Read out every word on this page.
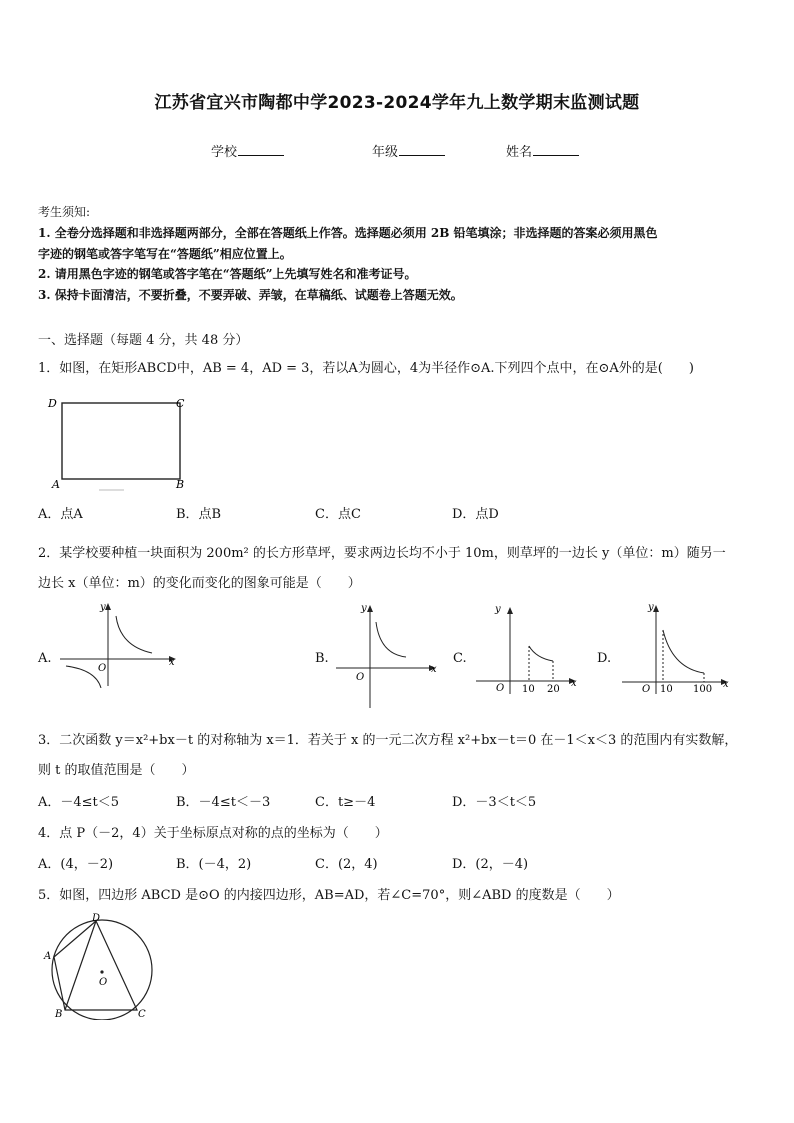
江苏省宜兴市陶都中学2023-2024学年九上数学期末监测试题
学校	年级	姓名
考生须知:
1. 全卷分选择题和非选择题两部分，全部在答题纸上作答。选择题必须用 2B 铅笔填涂；非选择题的答案必须用黑色
字迹的钢笔或答字笔写在“答题纸”相应位置上。
2. 请用黑色字迹的钢笔或答字笔在“答题纸”上先填写姓名和准考证号。
3. 保持卡面清洁，不要折叠，不要弄破、弄皱，在草稿纸、试题卷上答题无效。
一、选择题（每题 4 分，共 48 分）
1．如图，在矩形ABCD中，AB = 4，AD = 3，若以A为圆心，4为半径作⊙A.下列四个点中，在⊙A外的是(　　)
D	C
A	B
A．点A	B．点B	C．点C	D．点D
2．某学校要种植一块面积为 200m² 的长方形草坪，要求两边长均不小于 10m，则草坪的一边长 y（单位：m）随另一
边长 x（单位：m）的变化而变化的图象可能是（　　）
A.
y
x
O
B.
y
x
O
C.
y
x
O 10 20
D.
y
x
O 10 100
3．二次函数 y＝x²+bx－t 的对称轴为 x＝1．若关于 x 的一元二次方程 x²+bx－t＝0 在－1＜x＜3 的范围内有实数解，
则 t 的取值范围是（　　）
A．－4≤t＜5	B．－4≤t＜－3	C．t≥－4	D．－3＜t＜5
4．点 P（－2，4）关于坐标原点对称的点的坐标为（　　）
A．(4，－2)	B．(－4，2)	C．(2，4)	D．(2，－4)
5．如图，四边形 ABCD 是⊙O 的内接四边形，AB=AD，若∠C=70°，则∠ABD 的度数是（　　）
D
A
O
B	C
